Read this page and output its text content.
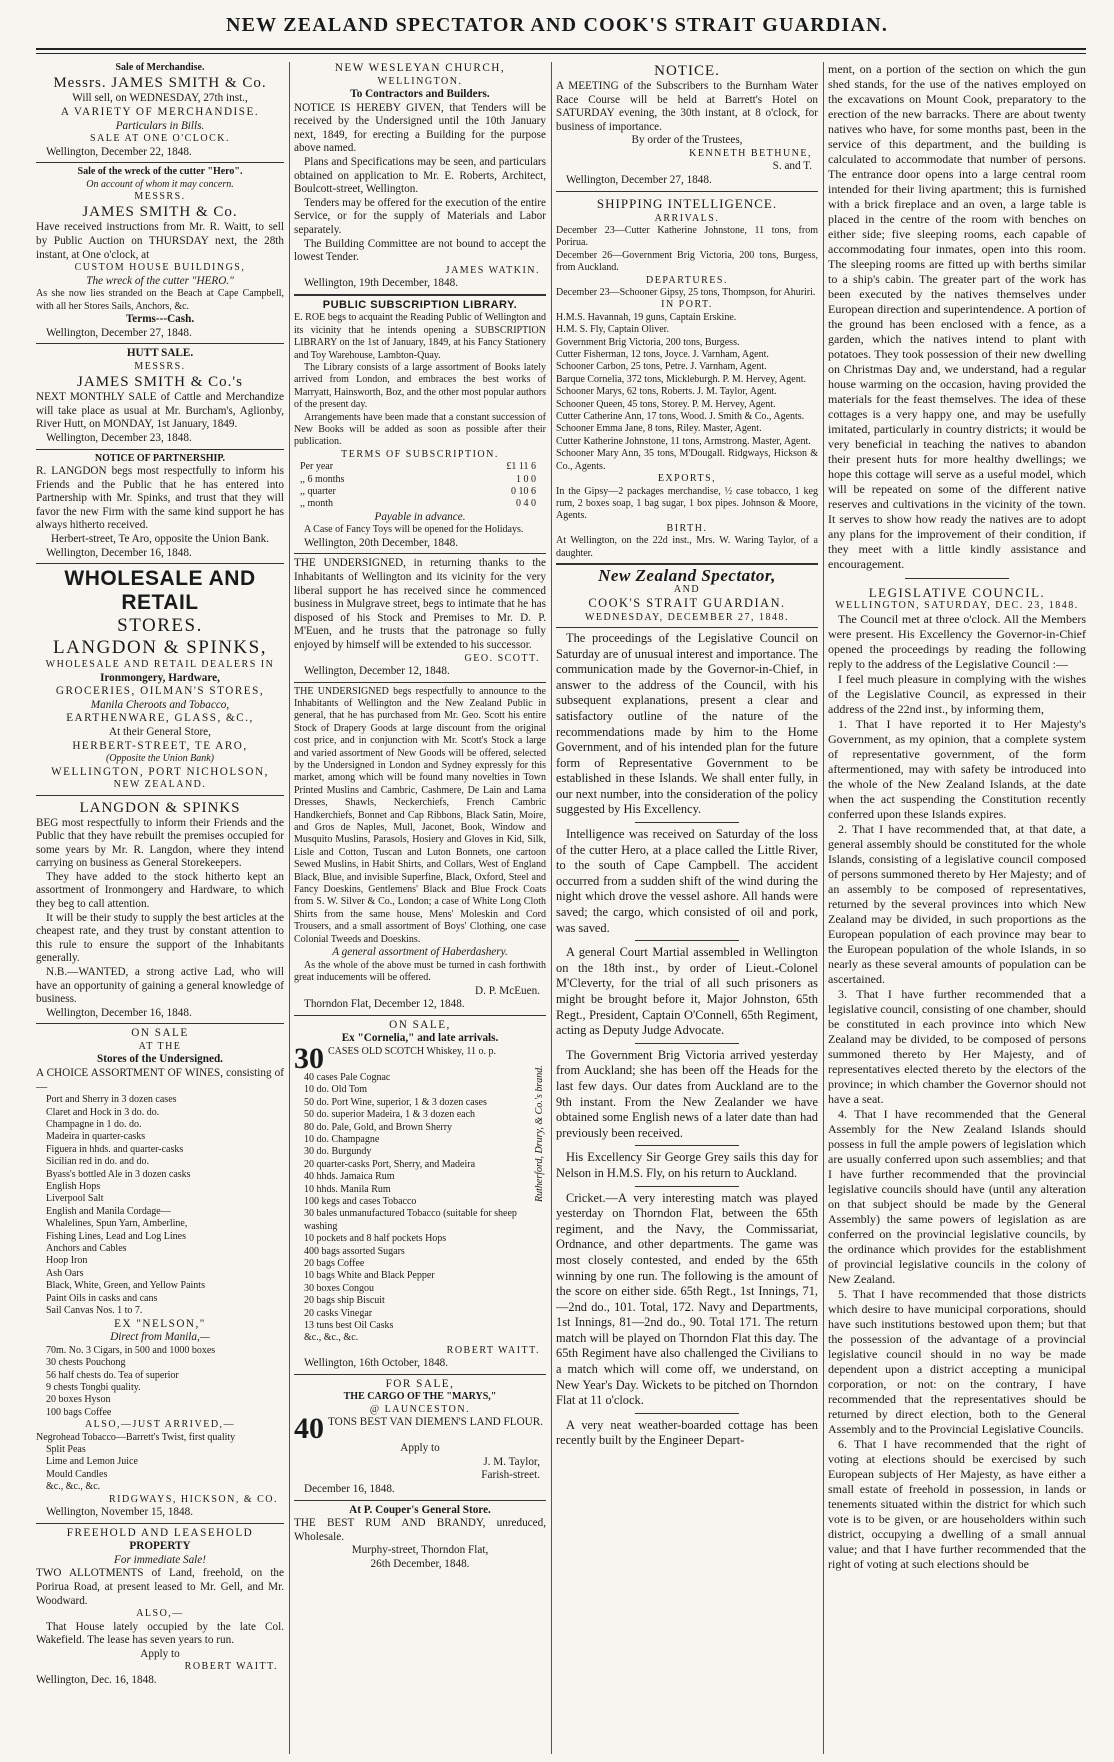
NEW ZEALAND SPECTATOR AND COOK'S STRAIT GUARDIAN.

Sale of Merchandise.

Messrs. JAMES SMITH & Co.

Will sell, on WEDNESDAY, 27th inst.,

A VARIETY OF MERCHANDISE.

Particulars in Bills.

SALE AT ONE O'CLOCK.

Wellington, December 22, 1848.

Sale of the wreck of the cutter "Hero".

On account of whom it may concern.

MESSRS.

JAMES SMITH & Co.

Have received instructions from Mr. R. Waitt, to sell by Public Auction on THURSDAY next, the 28th instant, at One o'clock, at

CUSTOM HOUSE BUILDINGS,

The wreck of the cutter "HERO."

As she now lies stranded on the Beach at Cape Campbell, with all her Stores Sails, Anchors, &c.

Terms---Cash.

Wellington, December 27, 1848.

HUTT SALE.

MESSRS.

JAMES SMITH & Co.'s

NEXT MONTHLY SALE of Cattle and Merchandize will take place as usual at Mr. Burcham's, Aglionby, River Hutt, on MONDAY, 1st January, 1849.

Wellington, December 23, 1848.

NOTICE OF PARTNERSHIP.

R. LANGDON begs most respectfully to inform his Friends and the Public that he has entered into Partnership with Mr. Spinks, and trust that they will favor the new Firm with the same kind support he has always hitherto received.

Herbert-street, Te Aro, opposite the Union Bank.

Wellington, December 16, 1848.

WHOLESALE AND RETAIL

STORES.

LANGDON & SPINKS,

WHOLESALE AND RETAIL DEALERS IN

Ironmongery, Hardware,

GROCERIES, OILMAN'S STORES,

Manila Cheroots and Tobacco,

EARTHENWARE, GLASS, &C.,

At their General Store,

HERBERT-STREET, TE ARO,

(Opposite the Union Bank)

WELLINGTON, PORT NICHOLSON,

NEW ZEALAND.

LANGDON & SPINKS

BEG most respectfully to inform their Friends and the Public that they have rebuilt the premises occupied for some years by Mr. R. Langdon, where they intend carrying on business as General Storekeepers.

They have added to the stock hitherto kept an assortment of Ironmongery and Hardware, to which they beg to call attention.

It will be their study to supply the best articles at the cheapest rate, and they trust by constant attention to this rule to ensure the support of the Inhabitants generally.

N.B.—WANTED, a strong active Lad, who will have an opportunity of gaining a general knowledge of business.

Wellington, December 16, 1848.

ON SALE

AT THE

Stores of the Undersigned.

A CHOICE ASSORTMENT OF WINES, consisting of—

Port and Sherry in 3 dozen cases
Claret and Hock in 3 do. do.
Champagne in 1 do. do.
Madeira in quarter-casks
Figuera in hhds. and quarter-casks
Sicilian red in do. and do.
Byass's bottled Ale in 3 dozen casks
English Hops
Liverpool Salt
English and Manila Cordage—
Whalelines, Spun Yarn, Amberline,
Fishing Lines, Lead and Log Lines
Anchors and Cables
Hoop Iron
Ash Oars
Black, White, Green, and Yellow Paints
Paint Oils in casks and cans
Sail Canvas Nos. 1 to 7.

EX "NELSON,"

Direct from Manila,—

70m. No. 3 Cigars, in 500 and 1000 boxes
30 chests Pouchong
56 half chests do. Tea of superior
9 chests Tongbi quality.
20 boxes Hyson
100 bags Coffee

ALSO,—JUST ARRIVED,—

Negrohead Tobacco—Barrett's Twist, first quality

Split Peas
Lime and Lemon Juice
Mould Candles
&c., &c., &c.

RIDGWAYS, HICKSON, & CO.

Wellington, November 15, 1848.

FREEHOLD AND LEASEHOLD

PROPERTY

For immediate Sale!

TWO ALLOTMENTS of Land, freehold, on the Porirua Road, at present leased to Mr. Gell, and Mr. Woodward.

ALSO,—

That House lately occupied by the late Col. Wakefield. The lease has seven years to run.

Apply to

ROBERT WAITT.

Wellington, Dec. 16, 1848.

NEW WESLEYAN CHURCH,

WELLINGTON.

To Contractors and Builders.

NOTICE IS HEREBY GIVEN, that Tenders will be received by the Undersigned until the 10th January next, 1849, for erecting a Building for the purpose above named.

Plans and Specifications may be seen, and particulars obtained on application to Mr. E. Roberts, Architect, Boulcott-street, Wellington.

Tenders may be offered for the execution of the entire Service, or for the supply of Materials and Labor separately.

The Building Committee are not bound to accept the lowest Tender.

JAMES WATKIN.

Wellington, 19th December, 1848.

PUBLIC SUBSCRIPTION LIBRARY.

E. ROE begs to acquaint the Reading Public of Wellington and its vicinity that he intends opening a SUBSCRIPTION LIBRARY on the 1st of January, 1849, at his Fancy Stationery and Toy Warehouse, Lambton-Quay.

The Library consists of a large assortment of Books lately arrived from London, and embraces the best works of Marryatt, Hainsworth, Boz, and the other most popular authors of the present day.

Arrangements have been made that a constant succession of New Books will be added as soon as possible after their publication.

TERMS OF SUBSCRIPTION.

Per year	£1 11 6
,, 6 months	1 0 0
,, quarter	0 10 6
,, month	0 4 0

Payable in advance.

A Case of Fancy Toys will be opened for the Holidays.

Wellington, 20th December, 1848.

THE UNDERSIGNED, in returning thanks to the Inhabitants of Wellington and its vicinity for the very liberal support he has received since he commenced business in Mulgrave street, begs to intimate that he has disposed of his Stock and Premises to Mr. D. P. M'Euen, and he trusts that the patronage so fully enjoyed by himself will be extended to his successor.

GEO. SCOTT.

Wellington, December 12, 1848.

THE UNDERSIGNED begs respectfully to announce to the Inhabitants of Wellington and the New Zealand Public in general, that he has purchased from Mr. Geo. Scott his entire Stock of Drapery Goods at large discount from the original cost price, and in conjunction with Mr. Scott's Stock a large and varied assortment of New Goods will be offered, selected by the Undersigned in London and Sydney expressly for this market, among which will be found many novelties in Town Printed Muslins and Cambric, Cashmere, De Lain and Lama Dresses, Shawls, Neckerchiefs, French Cambric Handkerchiefs, Bonnet and Cap Ribbons, Black Satin, Moire, and Gros de Naples, Mull, Jaconet, Book, Window and Musquito Muslins, Parasols, Hosiery and Gloves in Kid, Silk, Lisle and Cotton, Tuscan and Luton Bonnets, one cartoon Sewed Muslins, in Habit Shirts, and Collars, West of England Black, Blue, and invisible Superfine, Black, Oxford, Steel and Fancy Doeskins, Gentlemens' Black and Blue Frock Coats from S. W. Silver & Co., London; a case of White Long Cloth Shirts from the same house, Mens' Moleskin and Cord Trousers, and a small assortment of Boys' Clothing, one case Colonial Tweeds and Doeskins.

A general assortment of Haberdashery.

As the whole of the above must be turned in cash forthwith great inducements will be offered.

D. P. McEuen.

Thorndon Flat, December 12, 1848.

ON SALE,

Ex "Cornelia," and late arrivals.

30 CASES OLD SCOTCH Whiskey, 11 o. p.

40 cases Pale Cognac
10 do. Old Tom
50 do. Port Wine, superior, 1 & 3 dozen cases
50 do. superior Madeira, 1 & 3 dozen each
80 do. Pale, Gold, and Brown Sherry
10 do. Champagne
30 do. Burgundy
20 quarter-casks Port, Sherry, and Madeira
40 hhds. Jamaica Rum
10 hhds. Manila Rum
100 kegs and cases Tobacco
30 bales unmanufactured Tobacco (suitable for sheep washing
10 pockets and 8 half pockets Hops
400 bags assorted Sugars
20 bags Coffee
10 bags White and Black Pepper
30 boxes Congou
20 bags ship Biscuit
20 casks Vinegar
13 tuns best Oil Casks
&c., &c., &c.
Rutherford, Drury, & Co.'s brand.

ROBERT WAITT.

Wellington, 16th October, 1848.

FOR SALE,

THE CARGO OF THE "MARYS,"

@ LAUNCESTON.

40 TONS BEST VAN DIEMEN'S LAND FLOUR.

Apply to

J. M. Taylor,

Farish-street.

December 16, 1848.

At P. Couper's General Store.

THE BEST RUM AND BRANDY, unreduced, Wholesale.

Murphy-street, Thorndon Flat,

26th December, 1848.

NOTICE.

A MEETING of the Subscribers to the Burnham Water Race Course will be held at Barrett's Hotel on SATURDAY evening, the 30th instant, at 8 o'clock, for business of importance.

By order of the Trustees,

KENNETH BETHUNE,

S. and T.

Wellington, December 27, 1848.

SHIPPING INTELLIGENCE.

ARRIVALS.

December 23—Cutter Katherine Johnstone, 11 tons, from Porirua.

December 26—Government Brig Victoria, 200 tons, Burgess, from Auckland.

DEPARTURES.

December 23—Schooner Gipsy, 25 tons, Thompson, for Ahuriri.

IN PORT.

H.M.S. Havannah, 19 guns, Captain Erskine.

H.M. S. Fly, Captain Oliver.

Government Brig Victoria, 200 tons, Burgess.

Cutter Fisherman, 12 tons, Joyce. J. Varnham, Agent.

Schooner Carbon, 25 tons, Petre. J. Varnham, Agent.

Barque Cornelia, 372 tons, Mickleburgh. P. M. Hervey, Agent.

Schooner Marys, 62 tons, Roberts. J. M. Taylor, Agent.

Schooner Queen, 45 tons, Storey. P. M. Hervey, Agent.

Cutter Catherine Ann, 17 tons, Wood. J. Smith & Co., Agents.

Schooner Emma Jane, 8 tons, Riley. Master, Agent.

Cutter Katherine Johnstone, 11 tons, Armstrong. Master, Agent.

Schooner Mary Ann, 35 tons, M'Dougall. Ridgways, Hickson & Co., Agents.

EXPORTS,

In the Gipsy—2 packages merchandise, ½ case tobacco, 1 keg rum, 2 boxes soap, 1 bag sugar, 1 box pipes. Johnson & Moore, Agents.

BIRTH.

At Wellington, on the 22d inst., Mrs. W. Waring Taylor, of a daughter.

New Zealand Spectator,

AND

COOK'S STRAIT GUARDIAN.

WEDNESDAY, DECEMBER 27, 1848.

The proceedings of the Legislative Council on Saturday are of unusual interest and importance. The communication made by the Governor-in-Chief, in answer to the address of the Council, with his subsequent explanations, present a clear and satisfactory outline of the nature of the recommendations made by him to the Home Government, and of his intended plan for the future form of Representative Government to be established in these Islands. We shall enter fully, in our next number, into the consideration of the policy suggested by His Excellency.

Intelligence was received on Saturday of the loss of the cutter Hero, at a place called the Little River, to the south of Cape Campbell. The accident occurred from a sudden shift of the wind during the night which drove the vessel ashore. All hands were saved; the cargo, which consisted of oil and pork, was saved.

A general Court Martial assembled in Wellington on the 18th inst., by order of Lieut.-Colonel M'Cleverty, for the trial of all such prisoners as might be brought before it, Major Johnston, 65th Regt., President, Captain O'Connell, 65th Regiment, acting as Deputy Judge Advocate.

The Government Brig Victoria arrived yesterday from Auckland; she has been off the Heads for the last few days. Our dates from Auckland are to the 9th instant. From the New Zealander we have obtained some English news of a later date than had previously been received.

His Excellency Sir George Grey sails this day for Nelson in H.M.S. Fly, on his return to Auckland.

Cricket.—A very interesting match was played yesterday on Thorndon Flat, between the 65th regiment, and the Navy, the Commissariat, Ordnance, and other departments. The game was most closely contested, and ended by the 65th winning by one run. The following is the amount of the score on either side. 65th Regt., 1st Innings, 71,—2nd do., 101. Total, 172. Navy and Departments, 1st Innings, 81—2nd do., 90. Total 171. The return match will be played on Thorndon Flat this day. The 65th Regiment have also challenged the Civilians to a match which will come off, we understand, on New Year's Day. Wickets to be pitched on Thorndon Flat at 11 o'clock.

A very neat weather-boarded cottage has been recently built by the Engineer Depart-

ment, on a portion of the section on which the gun shed stands, for the use of the natives employed on the excavations on Mount Cook, preparatory to the erection of the new barracks. There are about twenty natives who have, for some months past, been in the service of this department, and the building is calculated to accommodate that number of persons. The entrance door opens into a large central room intended for their living apartment; this is furnished with a brick fireplace and an oven, a large table is placed in the centre of the room with benches on either side; five sleeping rooms, each capable of accommodating four inmates, open into this room. The sleeping rooms are fitted up with berths similar to a ship's cabin. The greater part of the work has been executed by the natives themselves under European direction and superintendence. A portion of the ground has been enclosed with a fence, as a garden, which the natives intend to plant with potatoes. They took possession of their new dwelling on Christmas Day and, we understand, had a regular house warming on the occasion, having provided the materials for the feast themselves. The idea of these cottages is a very happy one, and may be usefully imitated, particularly in country districts; it would be very beneficial in teaching the natives to abandon their present huts for more healthy dwellings; we hope this cottage will serve as a useful model, which will be repeated on some of the different native reserves and cultivations in the vicinity of the town. It serves to show how ready the natives are to adopt any plans for the improvement of their condition, if they meet with a little kindly assistance and encouragement.

LEGISLATIVE COUNCIL.

WELLINGTON, SATURDAY, DEC. 23, 1848.

The Council met at three o'clock. All the Members were present. His Excellency the Governor-in-Chief opened the proceedings by reading the following reply to the address of the Legislative Council :—

I feel much pleasure in complying with the wishes of the Legislative Council, as expressed in their address of the 22nd inst., by informing them,

1. That I have reported it to Her Majesty's Government, as my opinion, that a complete system of representative government, of the form aftermentioned, may with safety be introduced into the whole of the New Zealand Islands, at the date when the act suspending the Constitution recently conferred upon these Islands expires.

2. That I have recommended that, at that date, a general assembly should be constituted for the whole Islands, consisting of a legislative council composed of persons summoned thereto by Her Majesty; and of an assembly to be composed of representatives, returned by the several provinces into which New Zealand may be divided, in such proportions as the European population of each province may bear to the European population of the whole Islands, in so nearly as these several amounts of population can be ascertained.

3. That I have further recommended that a legislative council, consisting of one chamber, should be constituted in each province into which New Zealand may be divided, to be composed of persons summoned thereto by Her Majesty, and of representatives elected thereto by the electors of the province; in which chamber the Governor should not have a seat.

4. That I have recommended that the General Assembly for the New Zealand Islands should possess in full the ample powers of legislation which are usually conferred upon such assemblies; and that I have further recommended that the provincial legislative councils should have (until any alteration on that subject should be made by the General Assembly) the same powers of legislation as are conferred on the provincial legislative councils, by the ordinance which provides for the establishment of provincial legislative councils in the colony of New Zealand.

5. That I have recommended that those districts which desire to have municipal corporations, should have such institutions bestowed upon them; but that the possession of the advantage of a provincial legislative council should in no way be made dependent upon a district accepting a municipal corporation, or not: on the contrary, I have recommended that the representatives should be returned by direct election, both to the General Assembly and to the Provincial Legislative Councils.

6. That I have recommended that the right of voting at elections should be exercised by such European subjects of Her Majesty, as have either a small estate of freehold in possession, in lands or tenements situated within the district for which such vote is to be given, or are householders within such district, occupying a dwelling of a small annual value; and that I have further recommended that the right of voting at such elections should be
